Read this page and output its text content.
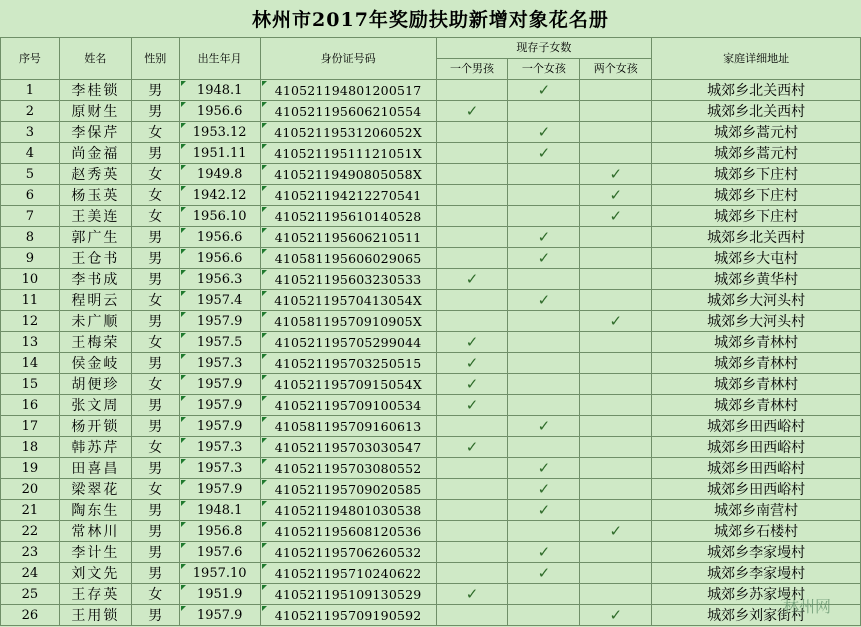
林州市2017年奖励扶助新增对象花名册
序号	姓名	性别	出生年月	身份证号码	现存子女数			家庭详细地址
					一个男孩	一个女孩	两个女孩	
1	李桂锁	男	1948.1	410521194801200517		✓		城郊乡北关西村
2	原财生	男	1956.6	410521195606210554	✓			城郊乡北关西村
3	李保芹	女	1953.12	41052119531206052X		✓		城郊乡蒿元村
4	尚金福	男	1951.11	41052119511121051X		✓		城郊乡蒿元村
5	赵秀英	女	1949.8	41052119490805058X			✓	城郊乡下庄村
6	杨玉英	女	1942.12	410521194212270541			✓	城郊乡下庄村
7	王美连	女	1956.10	410521195610140528			✓	城郊乡下庄村
8	郭广生	男	1956.6	410521195606210511		✓		城郊乡北关西村
9	王仓书	男	1956.6	410581195606029065		✓		城郊乡大屯村
10	李书成	男	1956.3	410521195603230533	✓			城郊乡黄华村
11	程明云	女	1957.4	41052119570413054X		✓		城郊乡大河头村
12	未广顺	男	1957.9	41058119570910905X			✓	城郊乡大河头村
13	王梅荣	女	1957.5	410521195705299044	✓			城郊乡青林村
14	侯金岐	男	1957.3	410521195703250515	✓			城郊乡青林村
15	胡便珍	女	1957.9	41052119570915054X	✓			城郊乡青林村
16	张文周	男	1957.9	410521195709100534	✓			城郊乡青林村
17	杨开锁	男	1957.9	410581195709160613		✓		城郊乡田西峪村
18	韩苏芹	女	1957.3	410521195703030547	✓			城郊乡田西峪村
19	田喜昌	男	1957.3	410521195703080552		✓		城郊乡田西峪村
20	梁翠花	女	1957.9	410521195709020585		✓		城郊乡田西峪村
21	陶东生	男	1948.1	410521194801030538		✓		城郊乡南营村
22	常林川	男	1956.8	410521195608120536			✓	城郊乡石楼村
23	李计生	男	1957.6	410521195706260532		✓		城郊乡李家墁村
24	刘文先	男	1957.10	410521195710240622		✓		城郊乡李家墁村
25	王存英	女	1951.9	410521195109130529	✓			城郊乡苏家墁村
26	王用锁	男	1957.9	410521195709190592			✓	城郊乡刘家街村
林州网
